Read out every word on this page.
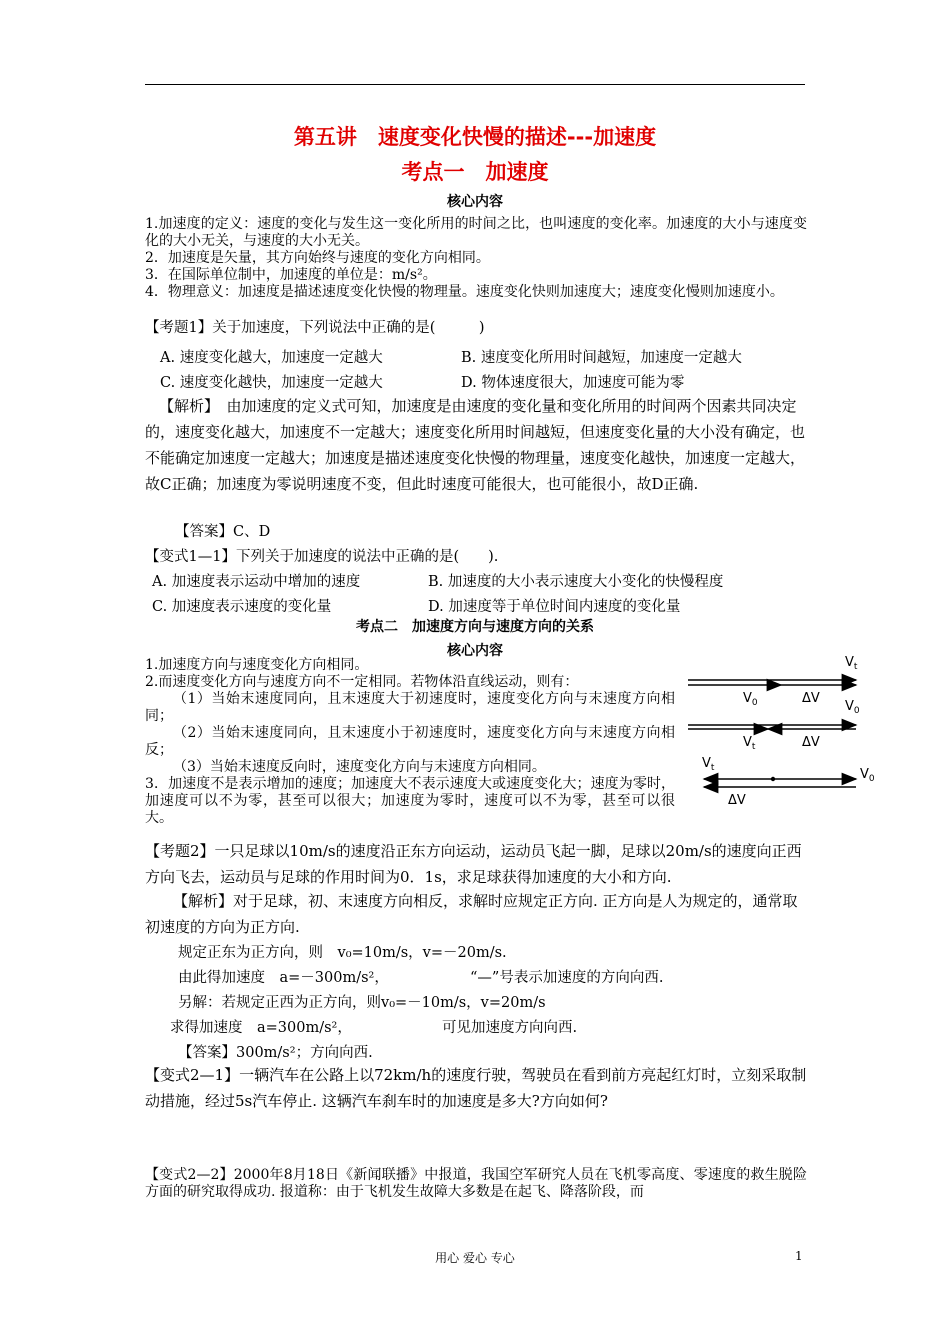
第五讲　速度变化快慢的描述---加速度
考点一　加速度
核心内容
1.加速度的定义：速度的变化与发生这一变化所用的时间之比，也叫速度的变化率。加速度的大小与速度变化的大小无关，与速度的大小无关。
2．加速度是矢量，其方向始终与速度的变化方向相同。
3．在国际单位制中，加速度的单位是：m/s²。
4．物理意义：加速度是描述速度变化快慢的物理量。速度变化快则加速度大；速度变化慢则加速度小。
【考题1】关于加速度，下列说法中正确的是(　　　)
A. 速度变化越大，加速度一定越大	B. 速度变化所用时间越短，加速度一定越大
C. 速度变化越快，加速度一定越大	D. 物体速度很大，加速度可能为零
【解析】　由加速度的定义式可知，加速度是由速度的变化量和变化所用的时间两个因素共同决定的，速度变化越大，加速度不一定越大；速度变化所用时间越短，但速度变化量的大小没有确定，也不能确定加速度一定越大；加速度是描述速度变化快慢的物理量，速度变化越快，加速度一定越大，故C正确；加速度为零说明速度不变，但此时速度可能很大，也可能很小，故D正确.
【答案】C、D
【变式1—1】下列关于加速度的说法中正确的是(　　).
A. 加速度表示运动中增加的速度	B. 加速度的大小表示速度大小变化的快慢程度
C. 加速度表示速度的变化量	D. 加速度等于单位时间内速度的变化量
考点二　加速度方向与速度方向的关系
核心内容
1.加速度方向与速度变化方向相同。
2.而速度变化方向与速度方向不一定相同。若物体沿直线运动，则有：
（1）当始末速度同向，且末速度大于初速度时，速度变化方向与末速度方向相同；
（2）当始末速度同向，且末速度小于初速度时，速度变化方向与末速度方向相反；
（3）当始末速度反向时，速度变化方向与末速度方向相同。
3．加速度不是表示增加的速度；加速度大不表示速度大或速度变化大；速度为零时，加速度可以不为零，甚至可以很大；加速度为零时，速度可以不为零，甚至可以很大。
$V_t$
$V_0$	ΔV
$V_0$
$V_t$	ΔV
$V_t$	$V_0$
ΔV
【考题2】一只足球以10m/s的速度沿正东方向运动，运动员飞起一脚，足球以20m/s的速度向正西方向飞去，运动员与足球的作用时间为0．1s，求足球获得加速度的大小和方向.
【解析】对于足球，初、末速度方向相反，求解时应规定正方向. 正方向是人为规定的，通常取初速度的方向为正方向.
规定正东为正方向，则　v₀=10m/s，v=－20m/s.
由此得加速度　a=－300m/s²，	“—”号表示加速度的方向向西.
另解：若规定正西为正方向，则v₀=－10m/s，v=20m/s
求得加速度　a=300m/s²，	可见加速度方向向西.
【答案】300m/s²；方向向西.
【变式2—1】一辆汽车在公路上以72km/h的速度行驶，驾驶员在看到前方亮起红灯时，立刻采取制动措施，经过5s汽车停止. 这辆汽车刹车时的加速度是多大?方向如何?
【变式2—2】2000年8月18日《新闻联播》中报道，我国空军研究人员在飞机零高度、零速度的救生脱险方面的研究取得成功. 报道称：由于飞机发生故障大多数是在起飞、降落阶段，而
用心 爱心 专心	1
